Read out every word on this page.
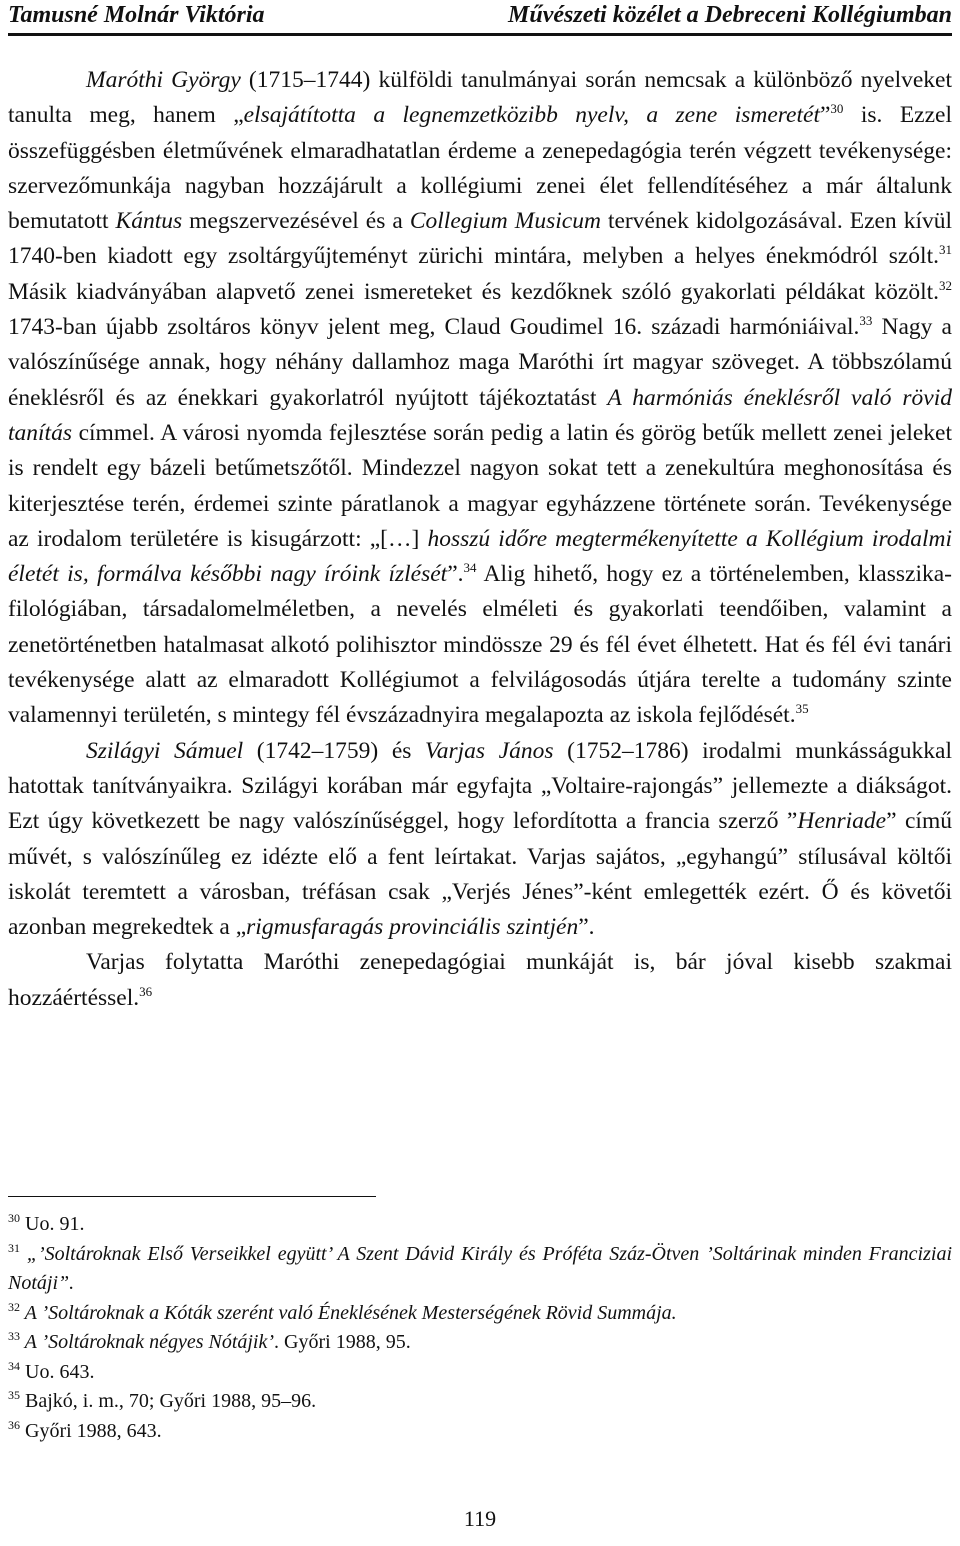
Tamusné Molnár Viktória	Művészeti közélet a Debreceni Kollégiumban

Maróthi György (1715–1744) külföldi tanulmányai során nemcsak a különböző nyelveket tanulta meg, hanem „elsajátította a legnemzetközibb nyelv, a zene ismeretét”$^{30}$ is. Ezzel összefüggésben életművének elmaradhatatlan érdeme a zenepedagógia terén végzett tevékenysége: szervezőmunkája nagyban hozzájárult a kollégiumi zenei élet fellendítéséhez a már általunk bemutatott Kántus megszervezésével és a Collegium Musicum tervének kidolgozásával. Ezen kívül 1740-ben kiadott egy zsoltárgyűjteményt zürichi mintára, melyben a helyes énekmódról szólt.$^{31}$ Másik kiadványában alapvető zenei ismereteket és kezdőknek szóló gyakorlati példákat közölt.$^{32}$ 1743-ban újabb zsoltáros könyv jelent meg, Claud Goudimel 16. századi harmóniáival.$^{33}$ Nagy a valószínűsége annak, hogy néhány dallamhoz maga Maróthi írt magyar szöveget. A többszólamú éneklésről és az énekkari gyakorlatról nyújtott tájékoztatást A harmóniás éneklésről való rövid tanítás címmel. A városi nyomda fejlesztése során pedig a latin és görög betűk mellett zenei jeleket is rendelt egy bázeli betűmetszőtől. Mindezzel nagyon sokat tett a zenekultúra meghonosítása és kiterjesztése terén, érdemei szinte páratlanok a magyar egyházzene története során. Tevékenysége az irodalom területére is kisugárzott: „[…] hosszú időre megtermékenyítette a Kollégium irodalmi életét is, formálva későbbi nagy íróink ízlését”.$^{34}$ Alig hihető, hogy ez a történelemben, klasszika-filológiában, társadalomelméletben, a nevelés elméleti és gyakorlati teendőiben, valamint a zenetörténetben hatalmasat alkotó polihisztor mindössze 29 és fél évet élhetett. Hat és fél évi tanári tevékenysége alatt az elmaradott Kollégiumot a felvilágosodás útjára terelte a tudomány szinte valamennyi területén, s mintegy fél évszázadnyira megalapozta az iskola fejlődését.$^{35}$

Szilágyi Sámuel (1742–1759) és Varjas János (1752–1786) irodalmi munkásságukkal hatottak tanítványaikra. Szilágyi korában már egyfajta „Voltaire-rajongás” jellemezte a diákságot. Ezt úgy következett be nagy valószínűséggel, hogy lefordította a francia szerző ”Henriade” című művét, s valószínűleg ez idézte elő a fent leírtakat. Varjas sajátos, „egyhangú” stílusával költői iskolát teremtett a városban, tréfásan csak „Verjés Jénes”-ként emlegették ezért. Ő és követői azonban megrekedtek a „rigmusfaragás provinciális szintjén”.

Varjas folytatta Maróthi zenepedagógiai munkáját is, bár jóval kisebb szakmai hozzáértéssel.$^{36}$

$^{30}$ Uo. 91.

$^{31}$ „’Soltároknak Első Verseikkel együtt’ A Szent Dávid Király és Próféta Száz-Ötven ’Soltárinak minden Franciziai Notáji”.

$^{32}$ A ’Soltároknak a Kóták szerént való Éneklésének Mesterségének Rövid Summája.

$^{33}$ A ’Soltároknak négyes Nótájik’. Győri 1988, 95.

$^{34}$ Uo. 643.

$^{35}$ Bajkó, i. m., 70; Győri 1988, 95–96.

$^{36}$ Győri 1988, 643.

119
